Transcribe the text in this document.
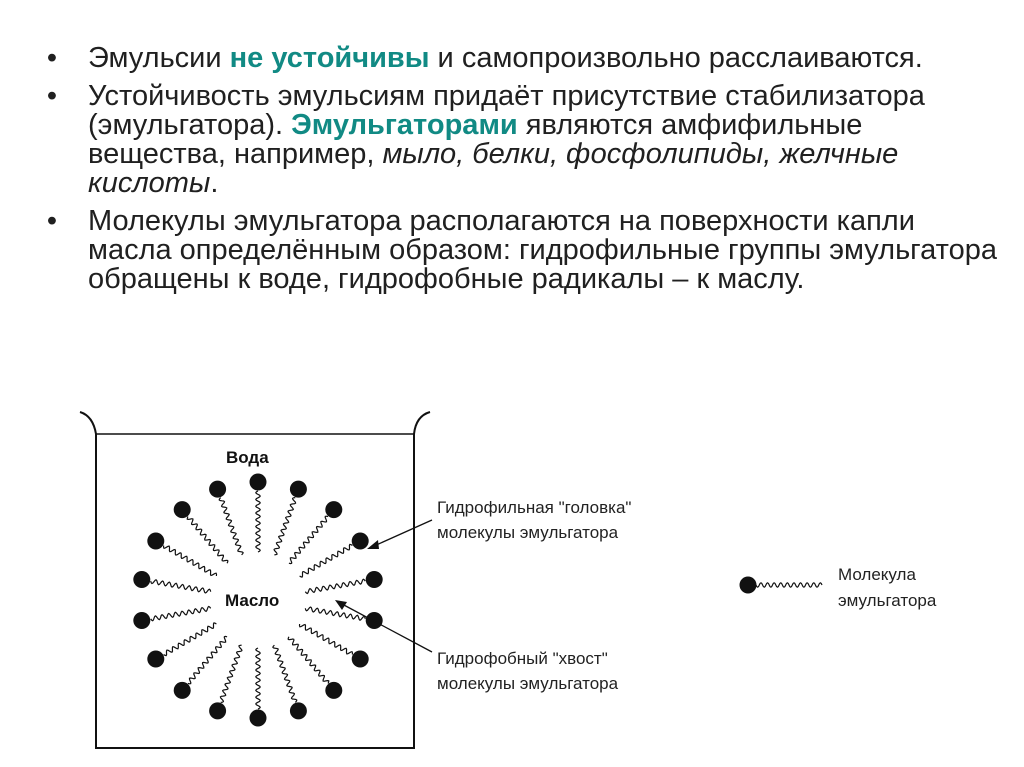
• Эмульсии не устойчивы и самопроизвольно расслаиваются.
• Устойчивость эмульсиям придаёт присутствие стабилизатора (эмульгатора). Эмульгаторами являются амфифильные вещества, например, мыло, белки, фосфолипиды, желчные кислоты.
• Молекулы эмульгатора располагаются на поверхности капли масла определённым образом: гидрофильные группы эмульгатора обращены к воде, гидрофобные радикалы – к маслу.
Вода
Масло
Гидрофильная "головка"
молекулы эмульгатора
Гидрофобный "хвост"
молекулы эмульгатора
Молекула
эмульгатора
